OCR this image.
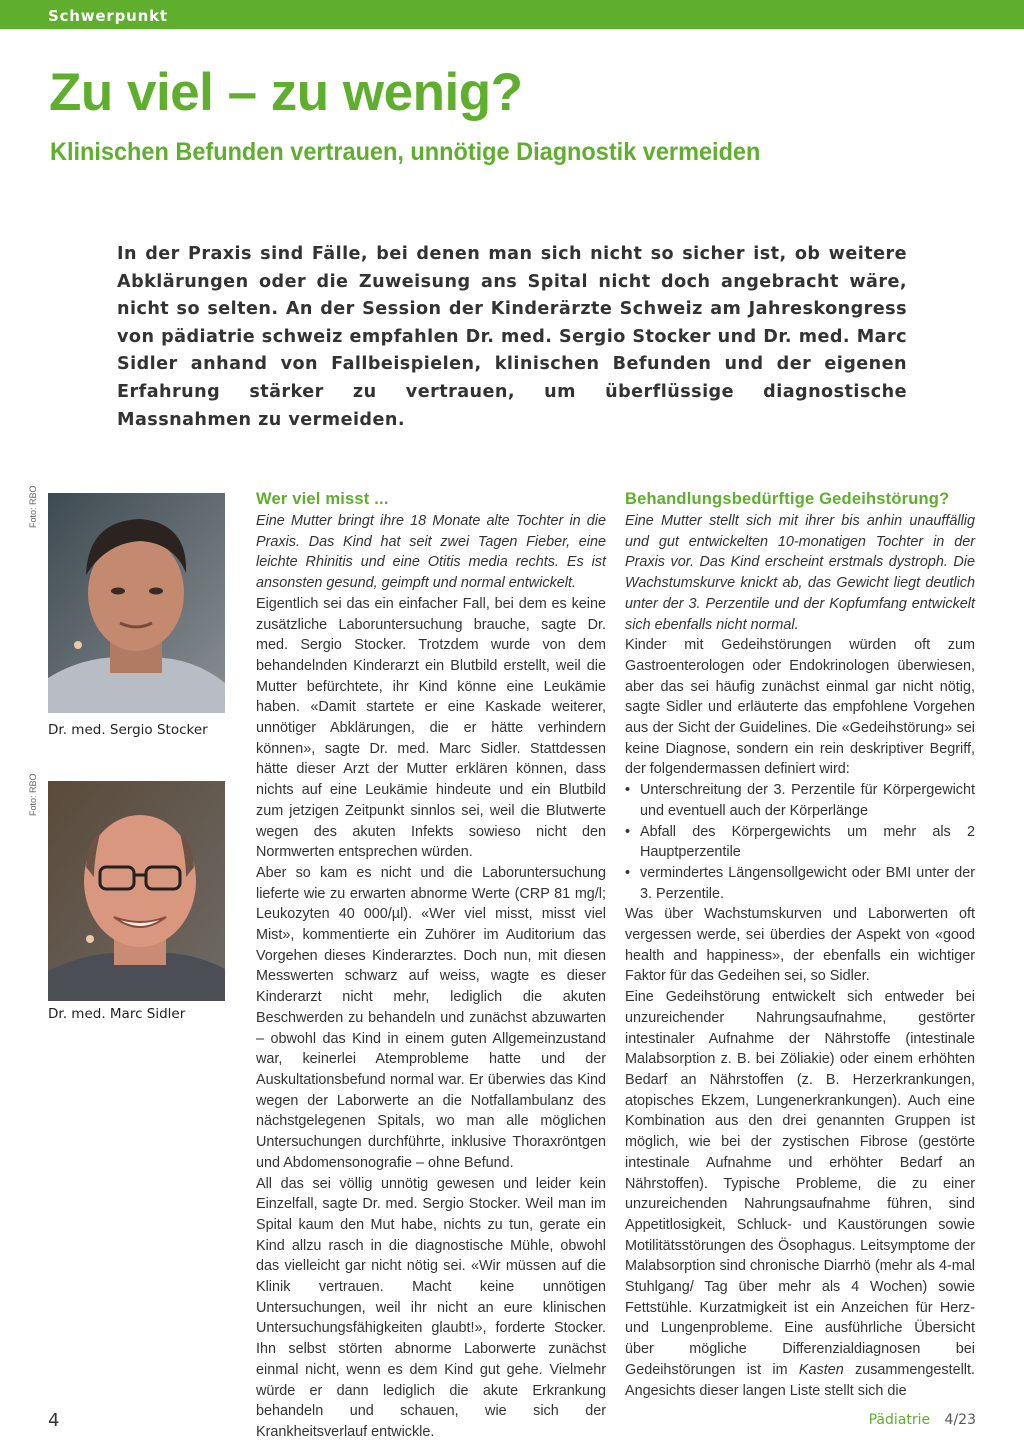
Schwerpunkt
Zu viel – zu wenig?
Klinischen Befunden vertrauen, unnötige Diagnostik vermeiden

In der Praxis sind Fälle, bei denen man sich nicht so sicher ist, ob weitere Abklärungen oder die Zuweisung ans Spital nicht doch angebracht wäre, nicht so selten. An der Session der Kinderärzte Schweiz am Jahreskongress von pädiatrie schweiz empfahlen Dr. med. Sergio Stocker und Dr. med. Marc Sidler anhand von Fallbeispielen, klinischen Befunden und der eigenen Erfahrung stärker zu vertrauen, um überflüssige diagnostische Massnahmen zu vermeiden.

Foto: RBO
Dr. med. Sergio Stocker
Foto: RBO
Dr. med. Marc Sidler
Wer viel misst ...

Eine Mutter bringt ihre 18 Monate alte Tochter in die Praxis. Das Kind hat seit zwei Tagen Fieber, eine leichte Rhinitis und eine Otitis media rechts. Es ist ansonsten gesund, geimpft und normal entwickelt.

Eigentlich sei das ein einfacher Fall, bei dem es keine zusätzliche Laboruntersuchung brauche, sagte Dr. med. Sergio Stocker. Trotzdem wurde von dem behandelnden Kinderarzt ein Blutbild erstellt, weil die Mutter befürchtete, ihr Kind könne eine Leukämie haben. «Damit startete er eine Kaskade weiterer, unnötiger Abklärungen, die er hätte verhindern können», sagte Dr. med. Marc Sidler. Stattdessen hätte dieser Arzt der Mutter erklären können, dass nichts auf eine Leukämie hindeute und ein Blutbild zum jetzigen Zeitpunkt sinnlos sei, weil die Blutwerte wegen des akuten Infekts sowieso nicht den Normwerten entsprechen würden.

Aber so kam es nicht und die Laboruntersuchung lieferte wie zu erwarten abnorme Werte (CRP 81 mg/l; Leukozyten 40 000/µl). «Wer viel misst, misst viel Mist», kommentierte ein Zuhörer im Auditorium das Vorgehen dieses Kinderarztes. Doch nun, mit diesen Messwerten schwarz auf weiss, wagte es dieser Kinderarzt nicht mehr, lediglich die akuten Beschwerden zu behandeln und zunächst abzuwarten – obwohl das Kind in einem guten Allgemeinzustand war, keinerlei Atemprobleme hatte und der Auskultationsbefund normal war. Er überwies das Kind wegen der Laborwerte an die Notfallambulanz des nächstgelegenen Spitals, wo man alle möglichen Untersuchungen durchführte, inklusive Thoraxröntgen und Abdomensonografie – ohne Befund.

All das sei völlig unnötig gewesen und leider kein Einzelfall, sagte Dr. med. Sergio Stocker. Weil man im Spital kaum den Mut habe, nichts zu tun, gerate ein Kind allzu rasch in die diagnostische Mühle, obwohl das vielleicht gar nicht nötig sei. «Wir müssen auf die Klinik vertrauen. Macht keine unnötigen Untersuchungen, weil ihr nicht an eure klinischen Untersuchungsfähigkeiten glaubt!», forderte Stocker. Ihn selbst störten abnorme Laborwerte zunächst einmal nicht, wenn es dem Kind gut gehe. Vielmehr würde er dann lediglich die akute Erkrankung behandeln und schauen, wie sich der Krankheitsverlauf entwickle.

Behandlungsbedürftige Gedeihstörung?

Eine Mutter stellt sich mit ihrer bis anhin unauffällig und gut entwickelten 10-monatigen Tochter in der Praxis vor. Das Kind erscheint erstmals dystroph. Die Wachstumskurve knickt ab, das Gewicht liegt deutlich unter der 3. Perzentile und der Kopfumfang entwickelt sich ebenfalls nicht normal.

Kinder mit Gedeihstörungen würden oft zum Gastroenterologen oder Endokrinologen überwiesen, aber das sei häufig zunächst einmal gar nicht nötig, sagte Sidler und erläuterte das empfohlene Vorgehen aus der Sicht der Guidelines. Die «Gedeihstörung» sei keine Diagnose, sondern ein rein deskriptiver Begriff, der folgendermassen definiert wird:

• Unterschreitung der 3. Perzentile für Körpergewicht und eventuell auch der Körperlänge
• Abfall des Körpergewichts um mehr als 2 Hauptperzentile
• vermindertes Längensollgewicht oder BMI unter der 3. Perzentile.

Was über Wachstumskurven und Laborwerten oft vergessen werde, sei überdies der Aspekt von «good health and happiness», der ebenfalls ein wichtiger Faktor für das Gedeihen sei, so Sidler.

Eine Gedeihstörung entwickelt sich entweder bei unzureichender Nahrungsaufnahme, gestörter intestinaler Aufnahme der Nährstoffe (intestinale Malabsorption z. B. bei Zöliakie) oder einem erhöhten Bedarf an Nährstoffen (z. B. Herzerkrankungen, atopisches Ekzem, Lungenerkrankungen). Auch eine Kombination aus den drei genannten Gruppen ist möglich, wie bei der zystischen Fibrose (gestörte intestinale Aufnahme und erhöhter Bedarf an Nährstoffen). Typische Probleme, die zu einer unzureichenden Nahrungsaufnahme führen, sind Appetitlosigkeit, Schluck- und Kaustörungen sowie Motilitätsstörungen des Ösophagus. Leitsymptome der Malabsorption sind chronische Diarrhö (mehr als 4-mal Stuhlgang/ Tag über mehr als 4 Wochen) sowie Fettstühle. Kurzatmigkeit ist ein Anzeichen für Herz- und Lungenprobleme. Eine ausführliche Übersicht über mögliche Differenzialdiagnosen bei Gedeihstörungen ist im Kasten zusammengestellt. Angesichts dieser langen Liste stellt sich die

4	Pädiatrie 4/23
